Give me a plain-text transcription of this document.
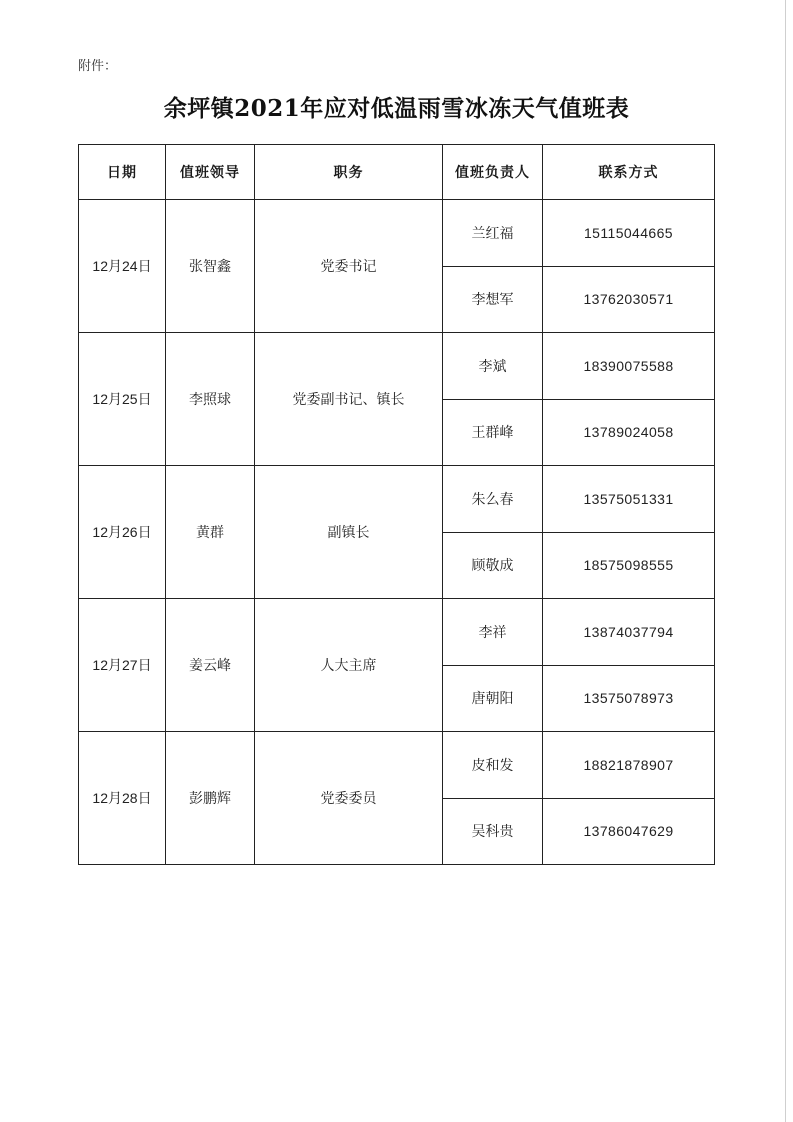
附件：
余坪镇2021年应对低温雨雪冰冻天气值班表
日期	值班领导	职务	值班负责人	联系方式
12月24日	张智鑫	党委书记	兰红福	15115044665
			李想军	13762030571
12月25日	李照球	党委副书记、镇长	李斌	18390075588
			王群峰	13789024058
12月26日	黄群	副镇长	朱么春	13575051331
			顾敬成	18575098555
12月27日	姜云峰	人大主席	李祥	13874037794
			唐朝阳	13575078973
12月28日	彭鹏辉	党委委员	皮和发	18821878907
			吴科贵	13786047629
